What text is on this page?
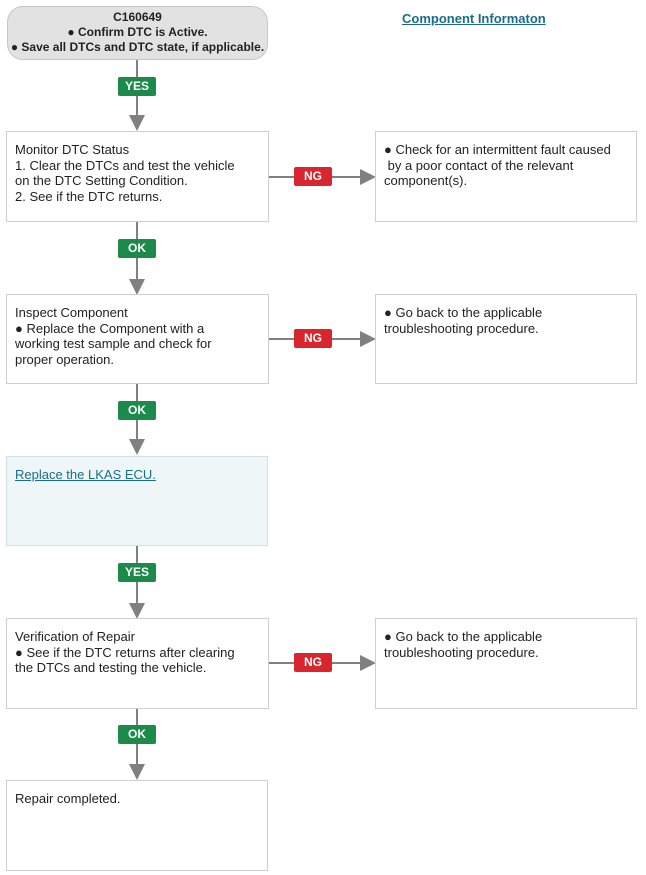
C160649
● Confirm DTC is Active.
● Save all DTCs and DTC state, if applicable.
Component Informaton
YES
Monitor DTC Status
1. Clear the DTCs and test the vehicle
on the DTC Setting Condition.
2. See if the DTC returns.
NG
● Check for an intermittent fault caused
by a poor contact of the relevant
component(s).
OK
Inspect Component
● Replace the Component with a
working test sample and check for
proper operation.
NG
● Go back to the applicable
troubleshooting procedure.
OK
Replace the LKAS ECU.
YES
Verification of Repair
● See if the DTC returns after clearing
the DTCs and testing the vehicle.	NG
● Go back to the applicable
troubleshooting procedure.
OK
Repair completed.
